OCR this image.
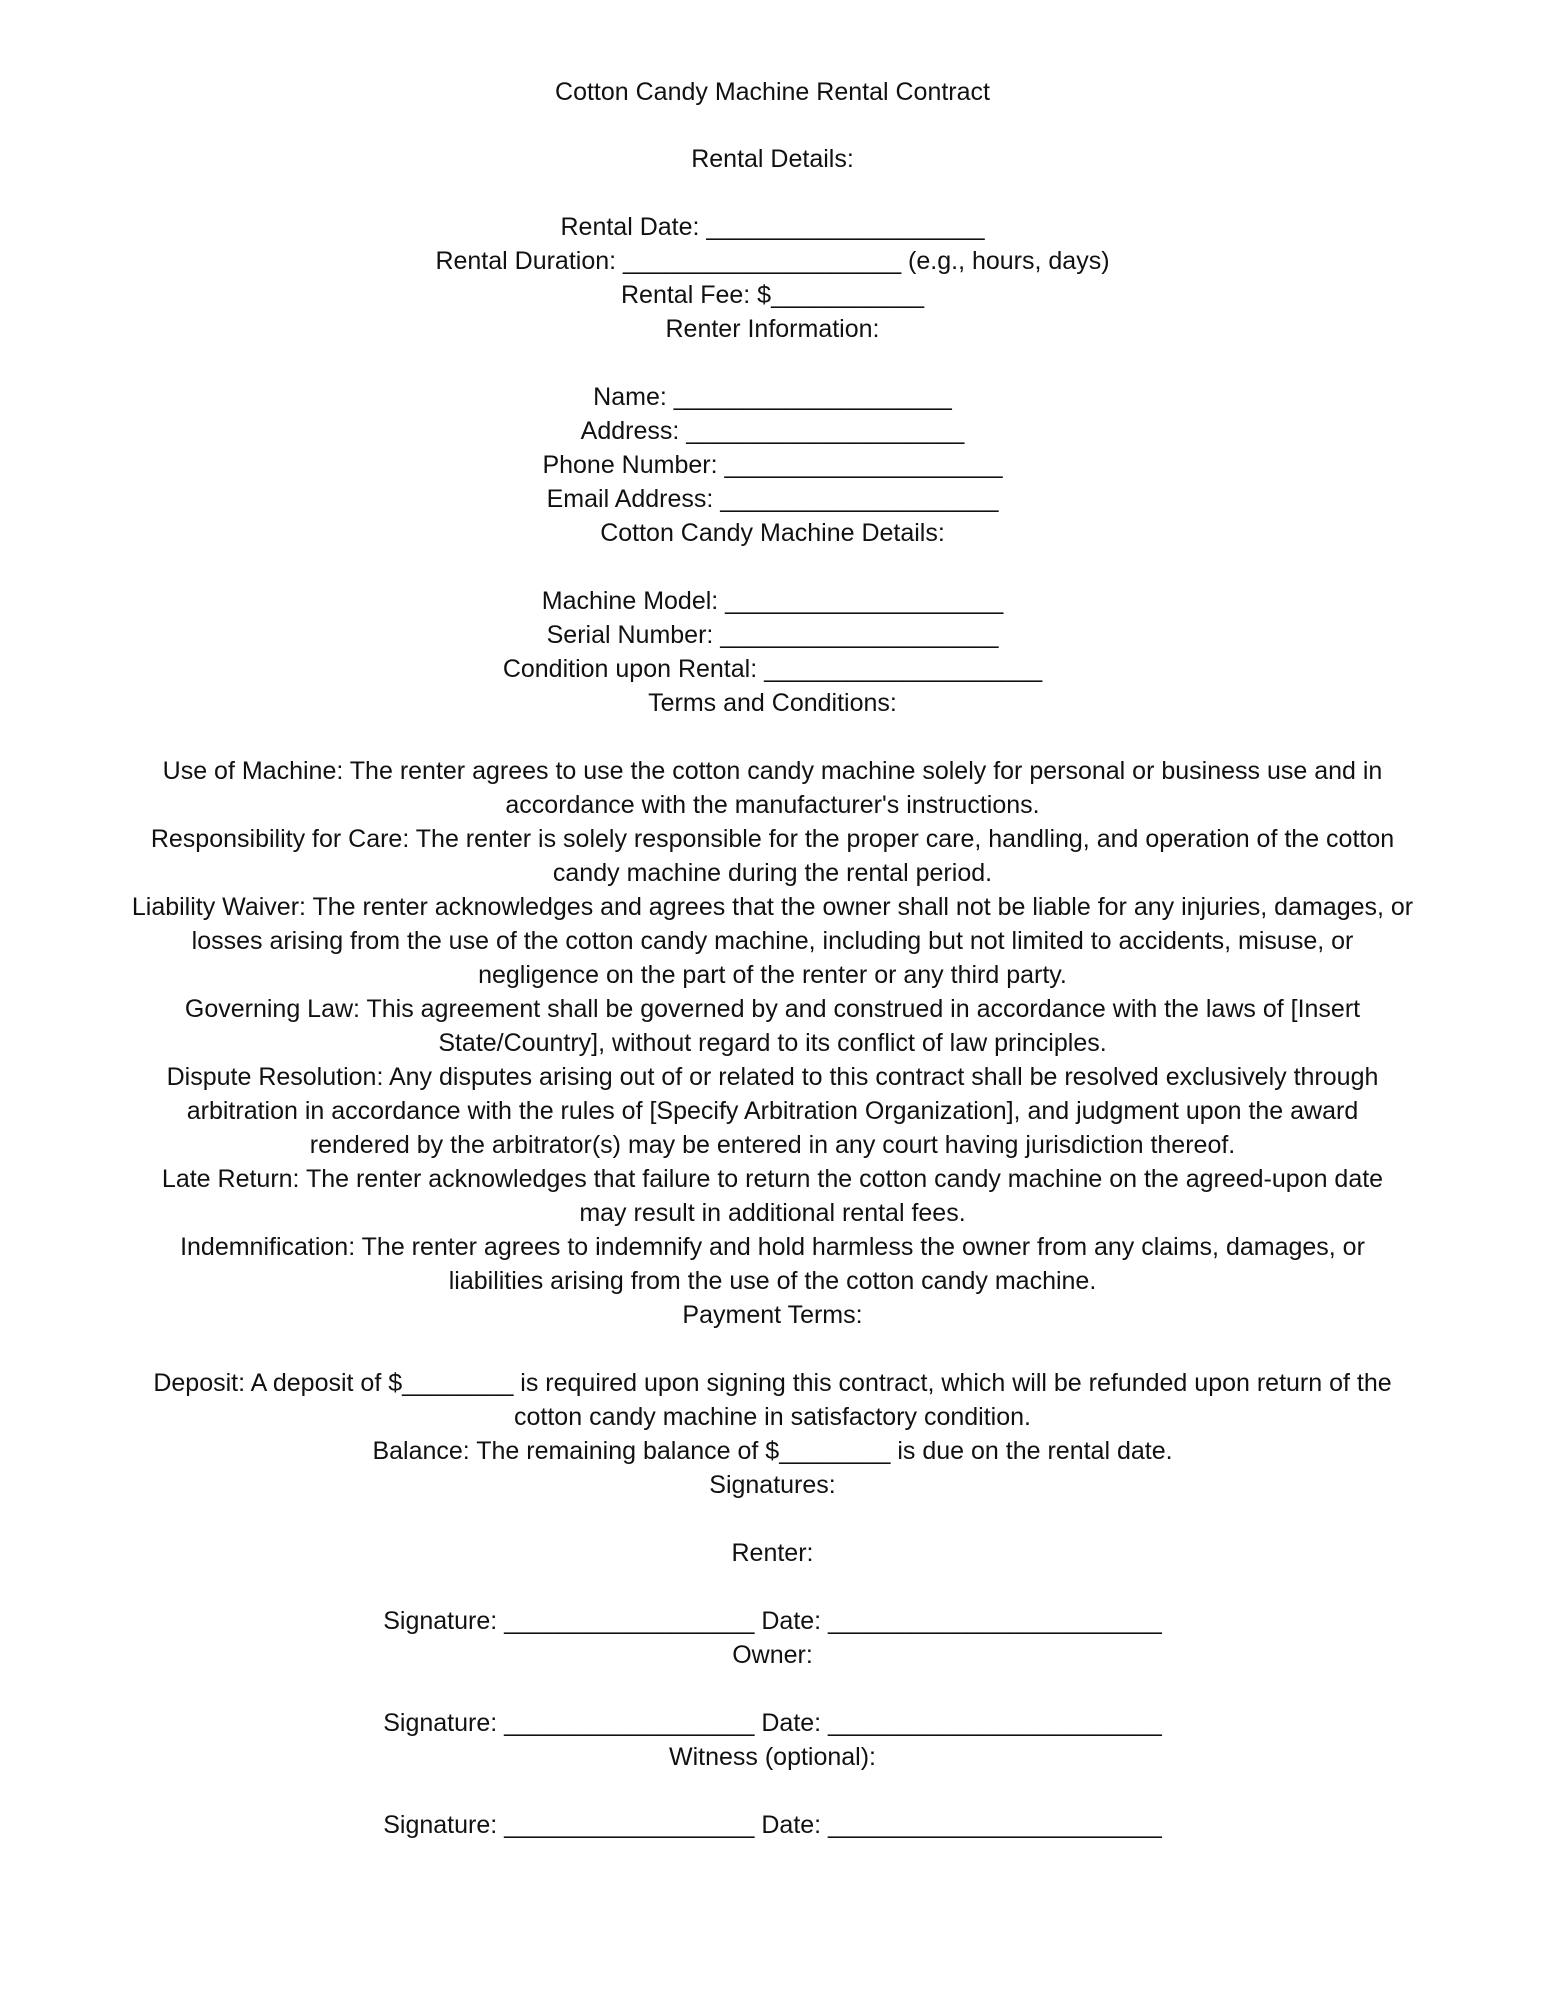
Cotton Candy Machine Rental Contract
Rental Details:
Rental Date: ____________________
Rental Duration: ____________________ (e.g., hours, days)
Rental Fee: $___________
Renter Information:
Name: ____________________
Address: ____________________
Phone Number: ____________________
Email Address: ____________________
Cotton Candy Machine Details:
Machine Model: ____________________
Serial Number: ____________________
Condition upon Rental: ____________________
Terms and Conditions:
Use of Machine: The renter agrees to use the cotton candy machine solely for personal or business use and in
accordance with the manufacturer's instructions.
Responsibility for Care: The renter is solely responsible for the proper care, handling, and operation of the cotton
candy machine during the rental period.
Liability Waiver: The renter acknowledges and agrees that the owner shall not be liable for any injuries, damages, or
losses arising from the use of the cotton candy machine, including but not limited to accidents, misuse, or
negligence on the part of the renter or any third party.
Governing Law: This agreement shall be governed by and construed in accordance with the laws of [Insert
State/Country], without regard to its conflict of law principles.
Dispute Resolution: Any disputes arising out of or related to this contract shall be resolved exclusively through
arbitration in accordance with the rules of [Specify Arbitration Organization], and judgment upon the award
rendered by the arbitrator(s) may be entered in any court having jurisdiction thereof.
Late Return: The renter acknowledges that failure to return the cotton candy machine on the agreed-upon date
may result in additional rental fees.
Indemnification: The renter agrees to indemnify and hold harmless the owner from any claims, damages, or
liabilities arising from the use of the cotton candy machine.
Payment Terms:
Deposit: A deposit of $________ is required upon signing this contract, which will be refunded upon return of the
cotton candy machine in satisfactory condition.
Balance: The remaining balance of $________ is due on the rental date.
Signatures:
Renter:
Signature: __________________ Date: ________________________
Owner:
Signature: __________________ Date: ________________________
Witness (optional):
Signature: __________________ Date: ________________________
